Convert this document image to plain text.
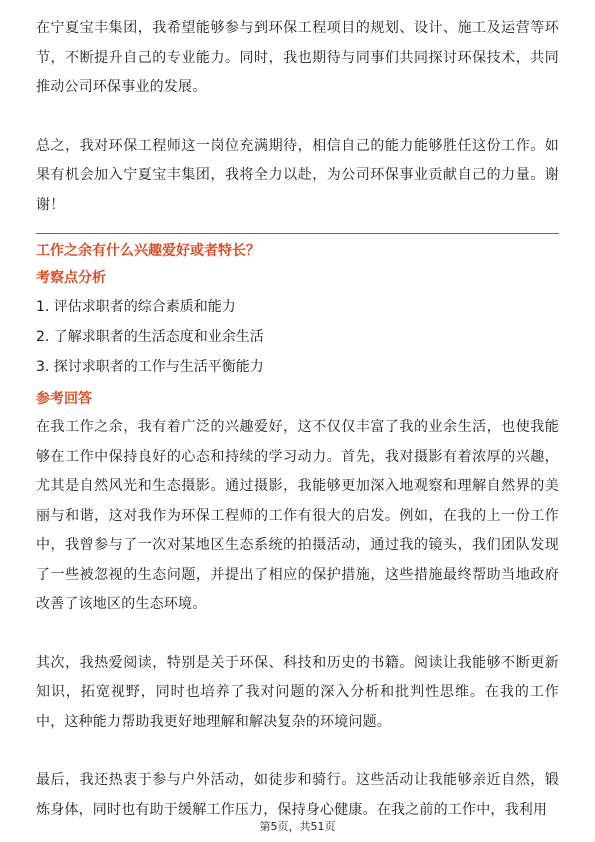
在宁夏宝丰集团，我希望能够参与到环保工程项目的规划、设计、施工及运营等环节，不断提升自己的专业能力。同时，我也期待与同事们共同探讨环保技术，共同推动公司环保事业的发展。

总之，我对环保工程师这一岗位充满期待，相信自己的能力能够胜任这份工作。如果有机会加入宁夏宝丰集团，我将全力以赴，为公司环保事业贡献自己的力量。谢谢！

工作之余有什么兴趣爱好或者特长？

考察点分析

1. 评估求职者的综合素质和能力

2. 了解求职者的生活态度和业余生活

3. 探讨求职者的工作与生活平衡能力

参考回答

在我工作之余，我有着广泛的兴趣爱好，这不仅仅丰富了我的业余生活，也使我能够在工作中保持良好的心态和持续的学习动力。首先，我对摄影有着浓厚的兴趣，尤其是自然风光和生态摄影。通过摄影，我能够更加深入地观察和理解自然界的美丽与和谐，这对我作为环保工程师的工作有很大的启发。例如，在我的上一份工作中，我曾参与了一次对某地区生态系统的拍摄活动，通过我的镜头，我们团队发现了一些被忽视的生态问题，并提出了相应的保护措施，这些措施最终帮助当地政府改善了该地区的生态环境。

其次，我热爱阅读，特别是关于环保、科技和历史的书籍。阅读让我能够不断更新知识，拓宽视野，同时也培养了我对问题的深入分析和批判性思维。在我的工作中，这种能力帮助我更好地理解和解决复杂的环境问题。

最后，我还热衷于参与户外活动，如徒步和骑行。这些活动让我能够亲近自然，锻炼身体，同时也有助于缓解工作压力，保持身心健康。在我之前的工作中，我利用

第5页，共51页
